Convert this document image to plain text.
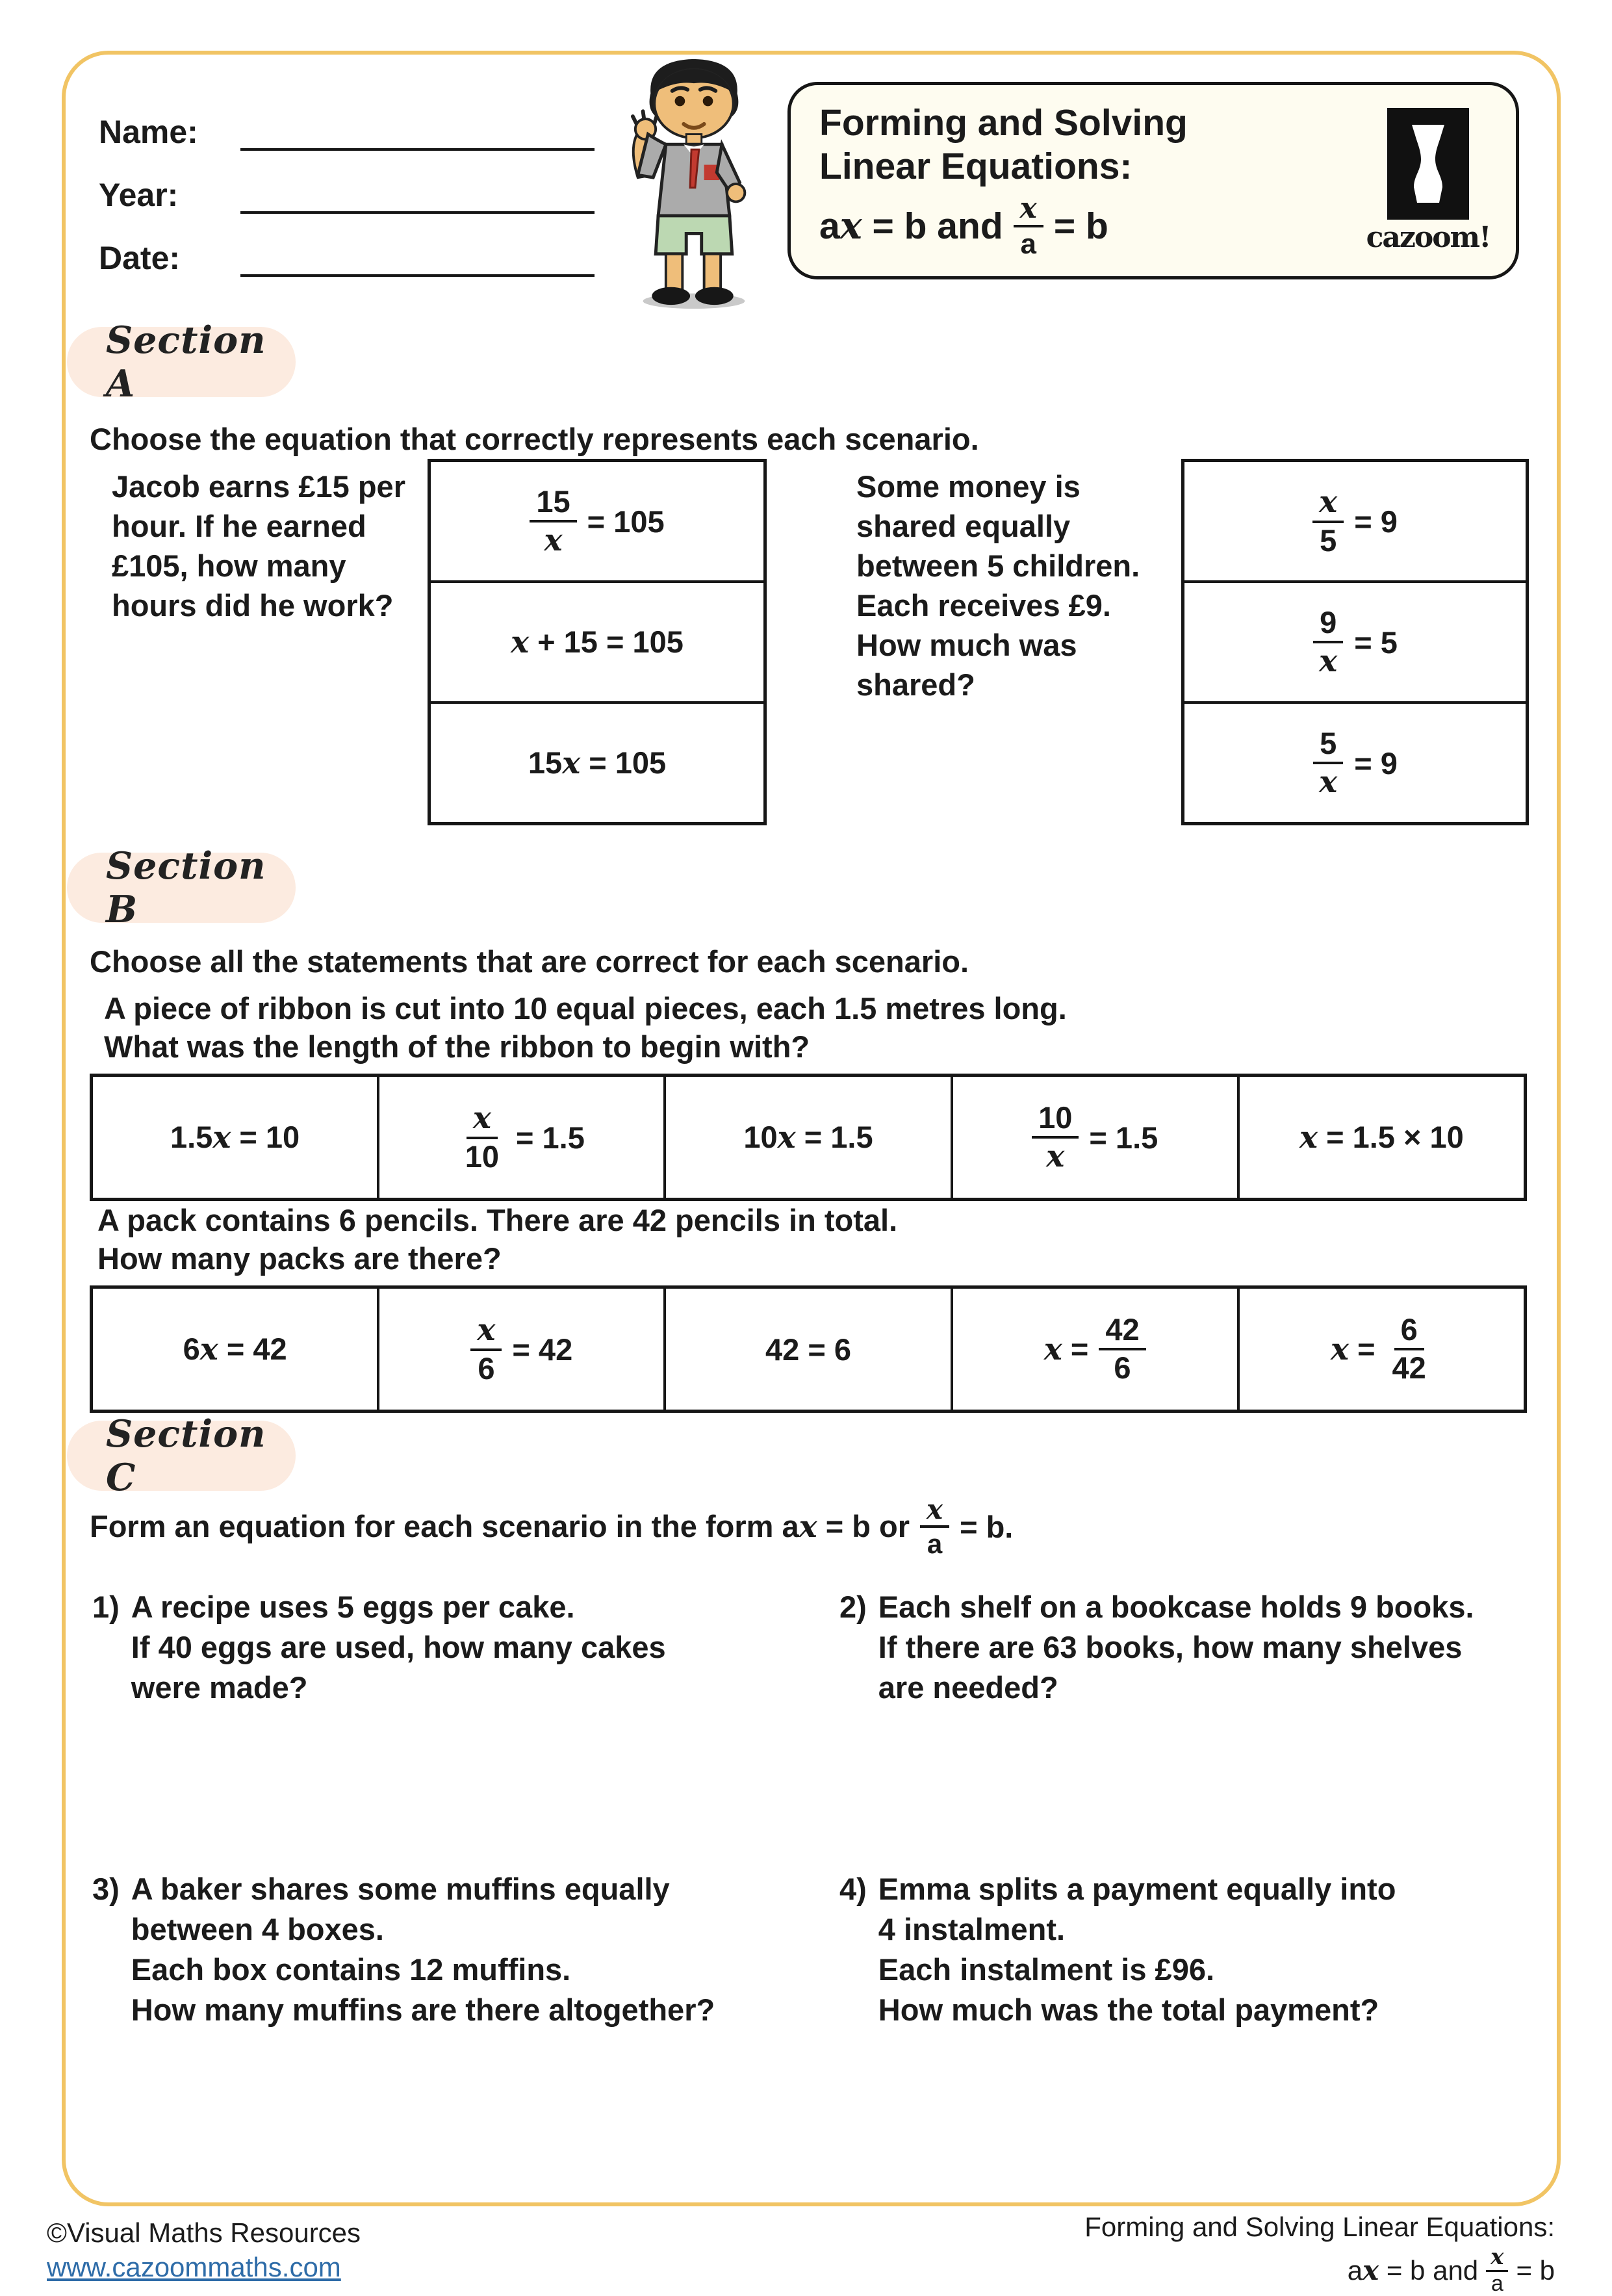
Name:
Year:
Date:
Forming and Solving
Linear Equations:
ax = b and $\frac{x}{a} = b$	cazoom!
Section A
Choose the equation that correctly represents each scenario.
Jacob earns £15 per hour. If he earned £105, how many hours did he work?
$\frac{15}{x} = 105$
x + 15 = 105
15x = 105
Some money is shared equally between 5 children. Each receives £9. How much was shared?
$\frac{x}{5} = 9$
$\frac{9}{x} = 5$
$\frac{5}{x} = 9$
Section B
Choose all the statements that are correct for each scenario.
A piece of ribbon is cut into 10 equal pieces, each 1.5 metres long.
What was the length of the ribbon to begin with?
1.5x = 10	$\frac{x}{10} = 1.5$	10x = 1.5	$\frac{10}{x} = 1.5$	x = 1.5 × 10
A pack contains 6 pencils. There are 42 pencils in total.
How many packs are there?
6x = 42	$\frac{x}{6} = 42$	42 = 6	$x = \frac{42}{6}$	$x = \frac{6}{42}$
Section C
Form an equation for each scenario in the form ax = b or $\frac{x}{a} = b$.
1) A recipe uses 5 eggs per cake.
If 40 eggs are used, how many cakes
were made?
2) Each shelf on a bookcase holds 9 books.
If there are 63 books, how many shelves
are needed?
3) A baker shares some muffins equally
between 4 boxes.
Each box contains 12 muffins.
How many muffins are there altogether?
4) Emma splits a payment equally into
4 instalment.
Each instalment is £96.
How much was the total payment?
©Visual Maths Resources
www.cazoommaths.com
Forming and Solving Linear Equations:
ax = b and $\frac{x}{a} = b$
